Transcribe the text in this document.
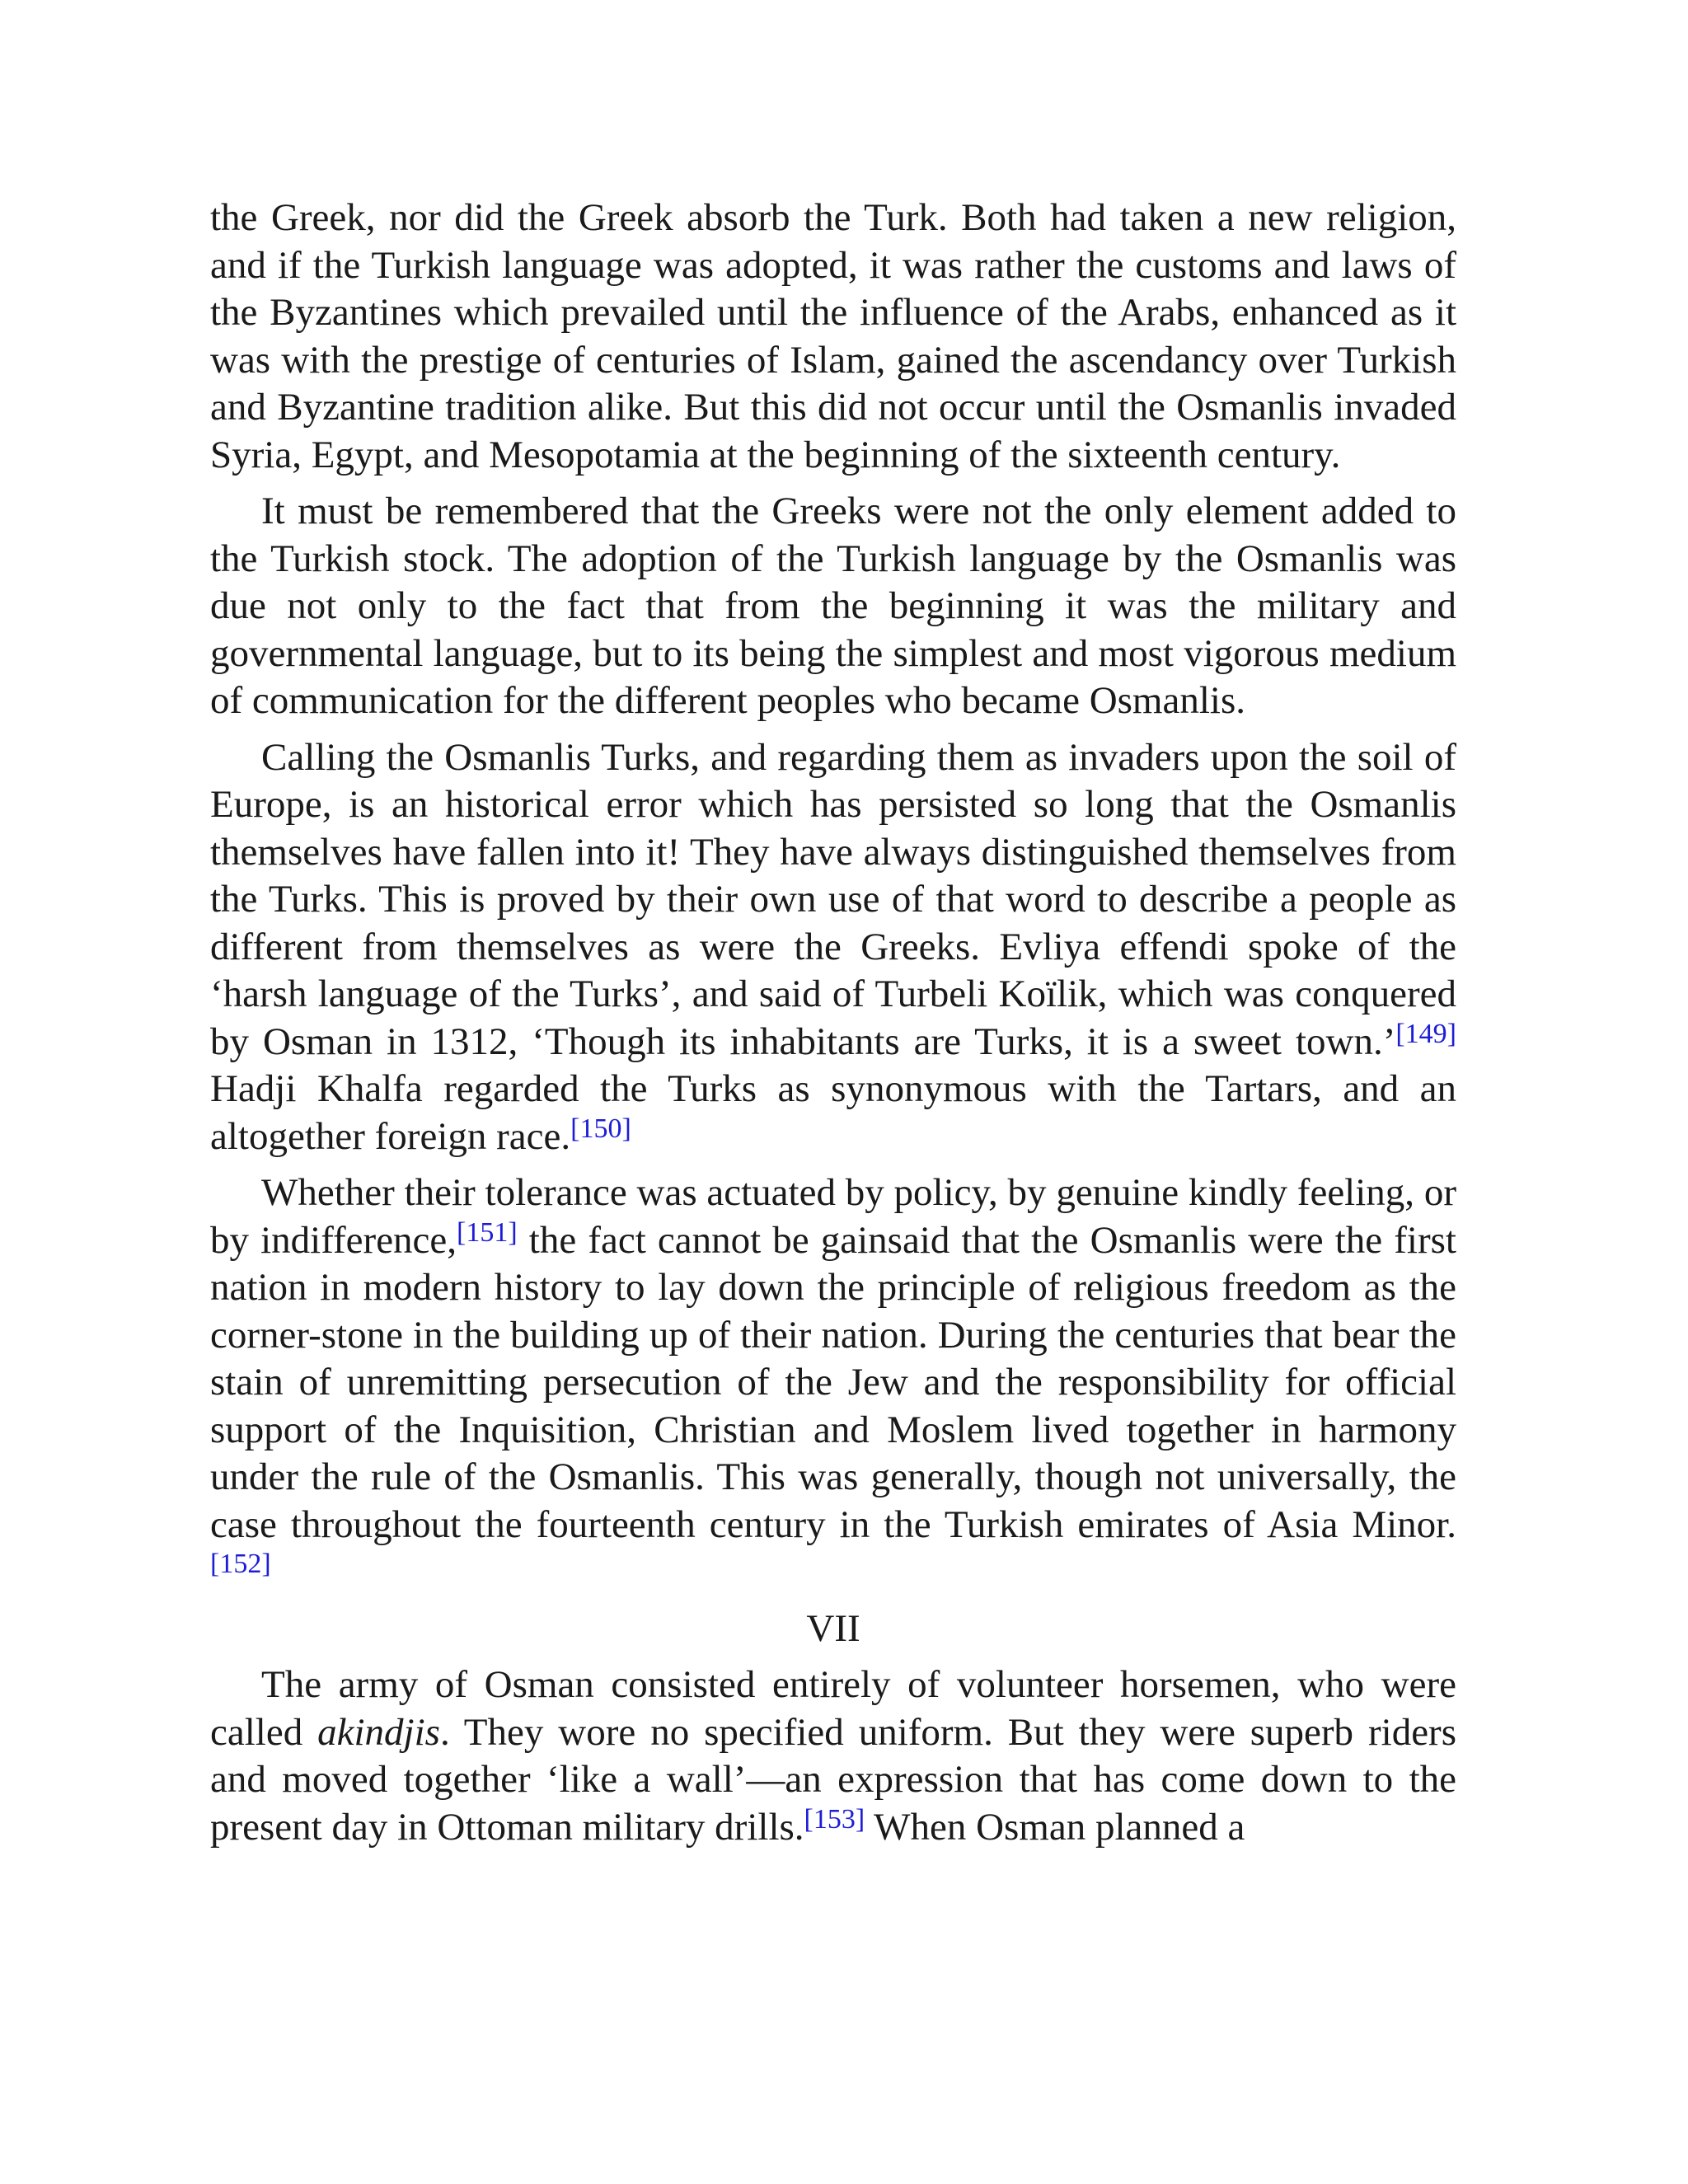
the Greek, nor did the Greek absorb the Turk. Both had taken a new religion, and if the Turkish language was adopted, it was rather the customs and laws of the Byzantines which prevailed until the influence of the Arabs, enhanced as it was with the prestige of centuries of Islam, gained the ascendancy over Turkish and Byzantine tradition alike. But this did not occur until the Osmanlis invaded Syria, Egypt, and Mesopotamia at the beginning of the sixteenth century.

It must be remembered that the Greeks were not the only element added to the Turkish stock. The adoption of the Turkish language by the Osmanlis was due not only to the fact that from the beginning it was the military and governmental language, but to its being the simplest and most vigorous medium of communication for the different peoples who became Osmanlis.

Calling the Osmanlis Turks, and regarding them as invaders upon the soil of Europe, is an historical error which has persisted so long that the Osmanlis themselves have fallen into it! They have always distinguished themselves from the Turks. This is proved by their own use of that word to describe a people as different from themselves as were the Greeks. Evliya effendi spoke of the ‘harsh language of the Turks’, and said of Turbeli Koïlik, which was conquered by Osman in 1312, ‘Though its inhabitants are Turks, it is a sweet town.’[149] Hadji Khalfa regarded the Turks as synonymous with the Tartars, and an altogether foreign race.[150]

Whether their tolerance was actuated by policy, by genuine kindly feeling, or by indifference,[151] the fact cannot be gainsaid that the Osmanlis were the first nation in modern history to lay down the principle of religious freedom as the corner-stone in the building up of their nation. During the centuries that bear the stain of unremitting persecution of the Jew and the responsibility for official support of the Inquisition, Christian and Moslem lived together in harmony under the rule of the Osmanlis. This was generally, though not universally, the case throughout the fourteenth century in the Turkish emirates of Asia Minor.[152]

VII

The army of Osman consisted entirely of volunteer horsemen, who were called akindjis. They wore no specified uniform. But they were superb riders and moved together ‘like a wall’—an expression that has come down to the present day in Ottoman military drills.[153] When Osman planned a
